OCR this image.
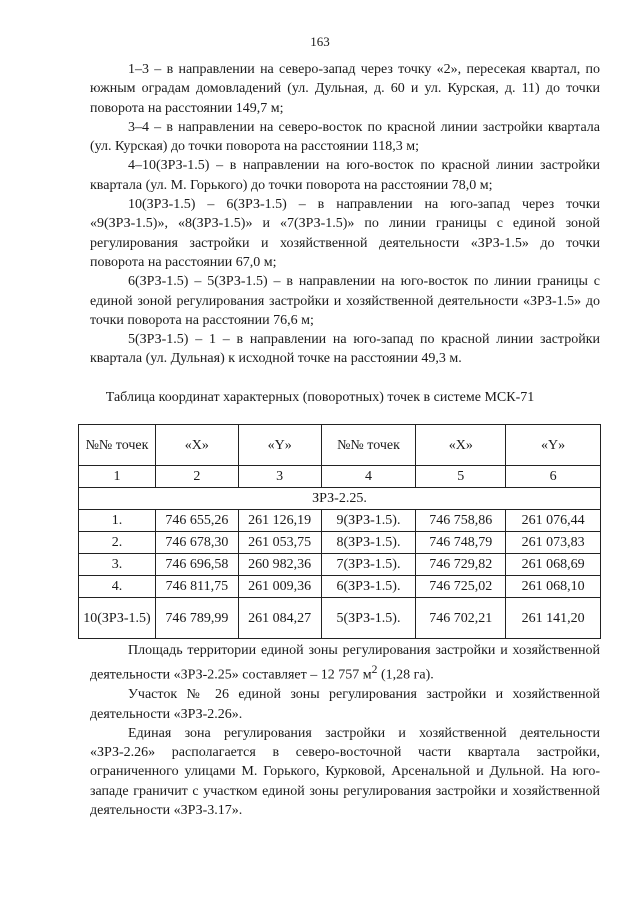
163

1–3 – в направлении на северо-запад через точку «2», пересекая квартал, по южным оградам домовладений (ул. Дульная, д. 60 и ул. Курская, д. 11) до точки поворота на расстоянии 149,7 м;

3–4 – в направлении на северо-восток по красной линии застройки квартала (ул. Курская) до точки поворота на расстоянии 118,3 м;

4–10(ЗРЗ-1.5) – в направлении на юго-восток по красной линии застройки квартала (ул. М. Горького) до точки поворота на расстоянии 78,0 м;

10(ЗРЗ-1.5) – 6(ЗРЗ-1.5) – в направлении на юго-запад через точки «9(ЗРЗ-1.5)», «8(ЗРЗ-1.5)» и «7(ЗРЗ-1.5)» по линии границы с единой зоной регулирования застройки и хозяйственной деятельности «ЗРЗ-1.5» до точки поворота на расстоянии 67,0 м;

6(ЗРЗ-1.5) – 5(ЗРЗ-1.5) – в направлении на юго-восток по линии границы с единой зоной регулирования застройки и хозяйственной деятельности «ЗРЗ-1.5» до точки поворота на расстоянии 76,6 м;

5(ЗРЗ-1.5) – 1 – в направлении на юго-запад по красной линии застройки квартала (ул. Дульная) к исходной точке на расстоянии 49,3 м.

Таблица координат характерных (поворотных) точек в системе МСК-71
№№ точек	«X»	«Y»	№№ точек	«X»	«Y»
1	2	3	4	5	6
ЗРЗ-2.25.					
1.	746 655,26	261 126,19	9(ЗРЗ-1.5).	746 758,86	261 076,44
2.	746 678,30	261 053,75	8(ЗРЗ-1.5).	746 748,79	261 073,83
3.	746 696,58	260 982,36	7(ЗРЗ-1.5).	746 729,82	261 068,69
4.	746 811,75	261 009,36	6(ЗРЗ-1.5).	746 725,02	261 068,10
10(ЗРЗ-1.5)	746 789,99	261 084,27	5(ЗРЗ-1.5).	746 702,21	261 141,20

Площадь территории единой зоны регулирования застройки и хозяйственной деятельности «ЗРЗ-2.25» составляет – 12 757 $м^2$ (1,28 га).

Участок № 26 единой зоны регулирования застройки и хозяйственной деятельности «ЗРЗ-2.26».

Единая зона регулирования застройки и хозяйственной деятельности «ЗРЗ-2.26» располагается в северо-восточной части квартала застройки, ограниченного улицами М. Горького, Курковой, Арсенальной и Дульной. На юго-западе граничит с участком единой зоны регулирования застройки и хозяйственной деятельности «ЗРЗ-3.17».
